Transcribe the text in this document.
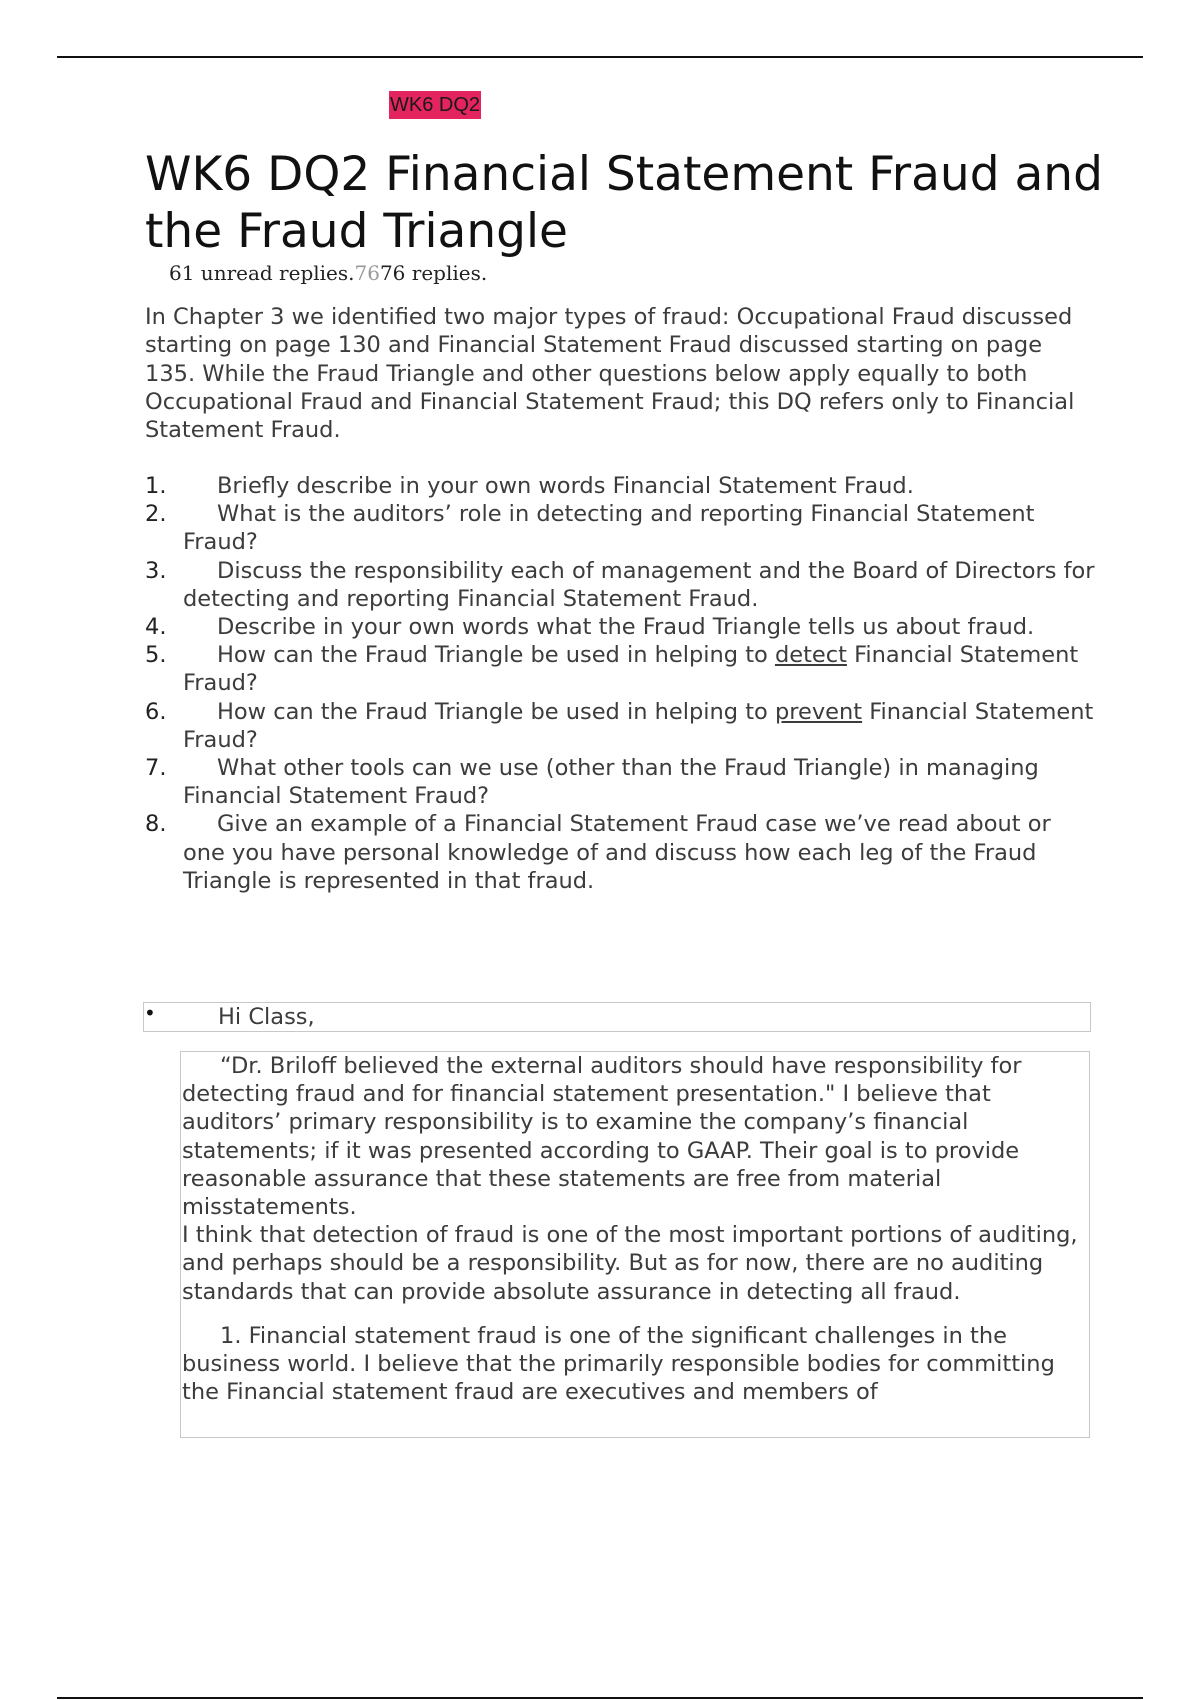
WK6 DQ2
WK6 DQ2 Financial Statement Fraud and the Fraud Triangle
61 unread replies.7676 replies.

In Chapter 3 we identified two major types of fraud: Occupational Fraud discussed starting on page 130 and Financial Statement Fraud discussed starting on page 135. While the Fraud Triangle and other questions below apply equally to both Occupational Fraud and Financial Statement Fraud; this DQ refers only to Financial Statement Fraud.

1. Briefly describe in your own words Financial Statement Fraud.
2. What is the auditors’ role in detecting and reporting Financial Statement Fraud?
3. Discuss the responsibility each of management and the Board of Directors for detecting and reporting Financial Statement Fraud.
4. Describe in your own words what the Fraud Triangle tells us about fraud.
5. How can the Fraud Triangle be used in helping to detect Financial Statement Fraud?
6. How can the Fraud Triangle be used in helping to prevent Financial Statement Fraud?
7. What other tools can we use (other than the Fraud Triangle) in managing Financial Statement Fraud?
8. Give an example of a Financial Statement Fraud case we’ve read about or one you have personal knowledge of and discuss how each leg of the Fraud Triangle is represented in that fraud.
•	Hi Class,

“Dr. Briloff believed the external auditors should have responsibility for detecting fraud and for financial statement presentation." I believe that auditors’ primary responsibility is to examine the company’s financial statements; if it was presented according to GAAP. Their goal is to provide reasonable assurance that these statements are free from material misstatements.

I think that detection of fraud is one of the most important portions of auditing, and perhaps should be a responsibility. But as for now, there are no auditing standards that can provide absolute assurance in detecting all fraud.

1. Financial statement fraud is one of the significant challenges in the business world. I believe that the primarily responsible bodies for committing the Financial statement fraud are executives and members of
